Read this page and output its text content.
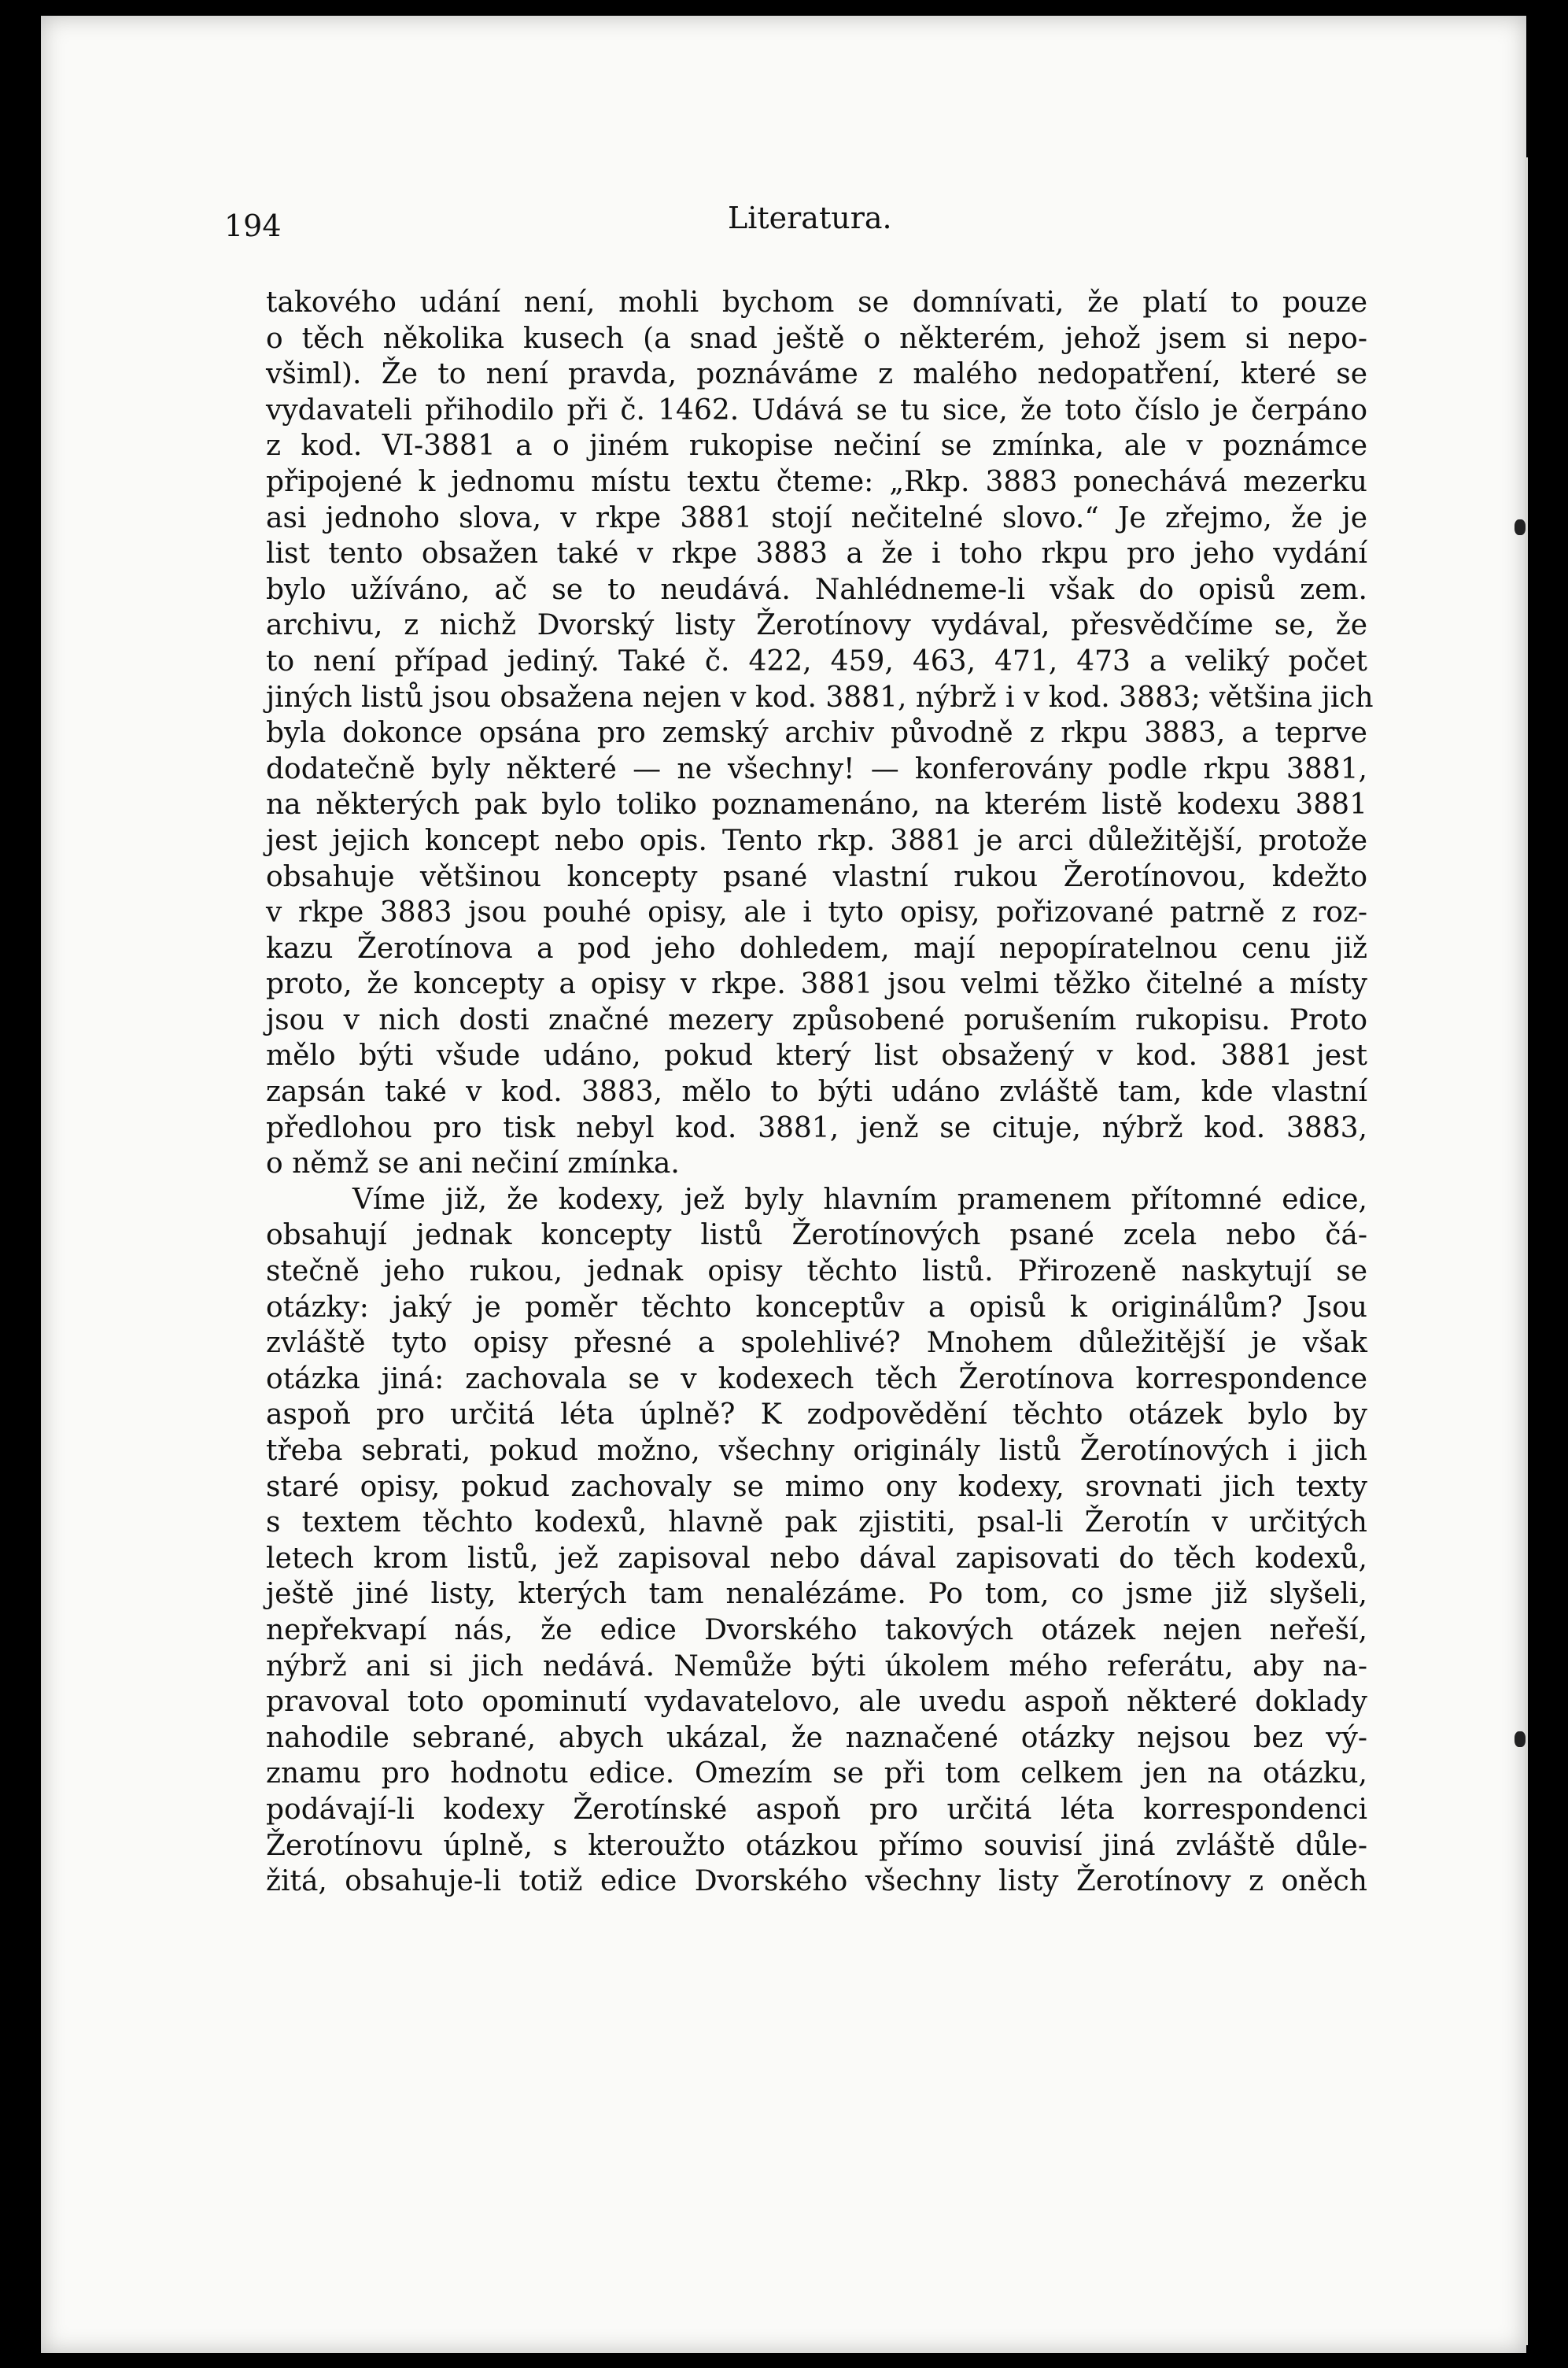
194	Literatura.
takového udání není, mohli bychom se domnívati, že platí to pouze
o těch několika kusech (a snad ještě o některém, jehož jsem si nepo-
všiml). Že to není pravda, poznáváme z malého nedopatření, které se
vydavateli přihodilo při č. 1462. Udává se tu sice, že toto číslo je čerpáno
z kod. VI-3881 a o jiném rukopise nečiní se zmínka, ale v poznámce
připojené k jednomu místu textu čteme: „Rkp. 3883 ponechává mezerku
asi jednoho slova, v rkpe 3881 stojí nečitelné slovo.“ Je zřejmo, že je
list tento obsažen také v rkpe 3883 a že i toho rkpu pro jeho vydání
bylo užíváno, ač se to neudává. Nahlédneme-li však do opisů zem.
archivu, z nichž Dvorský listy Žerotínovy vydával, přesvědčíme se, že
to není případ jediný. Také č. 422, 459, 463, 471, 473 a veliký počet
jiných listů jsou obsažena nejen v kod. 3881, nýbrž i v kod. 3883; většina jich
byla dokonce opsána pro zemský archiv původně z rkpu 3883, a teprve
dodatečně byly některé — ne všechny! — konferovány podle rkpu 3881,
na některých pak bylo toliko poznamenáno, na kterém listě kodexu 3881
jest jejich koncept nebo opis. Tento rkp. 3881 je arci důležitější, protože
obsahuje většinou koncepty psané vlastní rukou Žerotínovou, kdežto
v rkpe 3883 jsou pouhé opisy, ale i tyto opisy, pořizované patrně z roz-
kazu Žerotínova a pod jeho dohledem, mají nepopíratelnou cenu již
proto, že koncepty a opisy v rkpe. 3881 jsou velmi těžko čitelné a místy
jsou v nich dosti značné mezery způsobené porušením rukopisu. Proto
mělo býti všude udáno, pokud který list obsažený v kod. 3881 jest
zapsán také v kod. 3883, mělo to býti udáno zvláště tam, kde vlastní
předlohou pro tisk nebyl kod. 3881, jenž se cituje, nýbrž kod. 3883,
o němž se ani nečiní zmínka.
Víme již, že kodexy, jež byly hlavním pramenem přítomné edice,
obsahují jednak koncepty listů Žerotínových psané zcela nebo čá-
stečně jeho rukou, jednak opisy těchto listů. Přirozeně naskytují se
otázky: jaký je poměr těchto konceptův a opisů k originálům? Jsou
zvláště tyto opisy přesné a spolehlivé? Mnohem důležitější je však
otázka jiná: zachovala se v kodexech těch Žerotínova korrespondence
aspoň pro určitá léta úplně? K zodpovědění těchto otázek bylo by
třeba sebrati, pokud možno, všechny originály listů Žerotínových i jich
staré opisy, pokud zachovaly se mimo ony kodexy, srovnati jich texty
s textem těchto kodexů, hlavně pak zjistiti, psal-li Žerotín v určitých
letech krom listů, jež zapisoval nebo dával zapisovati do těch kodexů,
ještě jiné listy, kterých tam nenalézáme. Po tom, co jsme již slyšeli,
nepřekvapí nás, že edice Dvorského takových otázek nejen neřeší,
nýbrž ani si jich nedává. Nemůže býti úkolem mého referátu, aby na-
pravoval toto opominutí vydavatelovo, ale uvedu aspoň některé doklady
nahodile sebrané, abych ukázal, že naznačené otázky nejsou bez vý-
znamu pro hodnotu edice. Omezím se při tom celkem jen na otázku,
podávají-li kodexy Žerotínské aspoň pro určitá léta korrespondenci
Žerotínovu úplně, s kteroužto otázkou přímo souvisí jiná zvláště důle-
žitá, obsahuje-li totiž edice Dvorského všechny listy Žerotínovy z oněch
